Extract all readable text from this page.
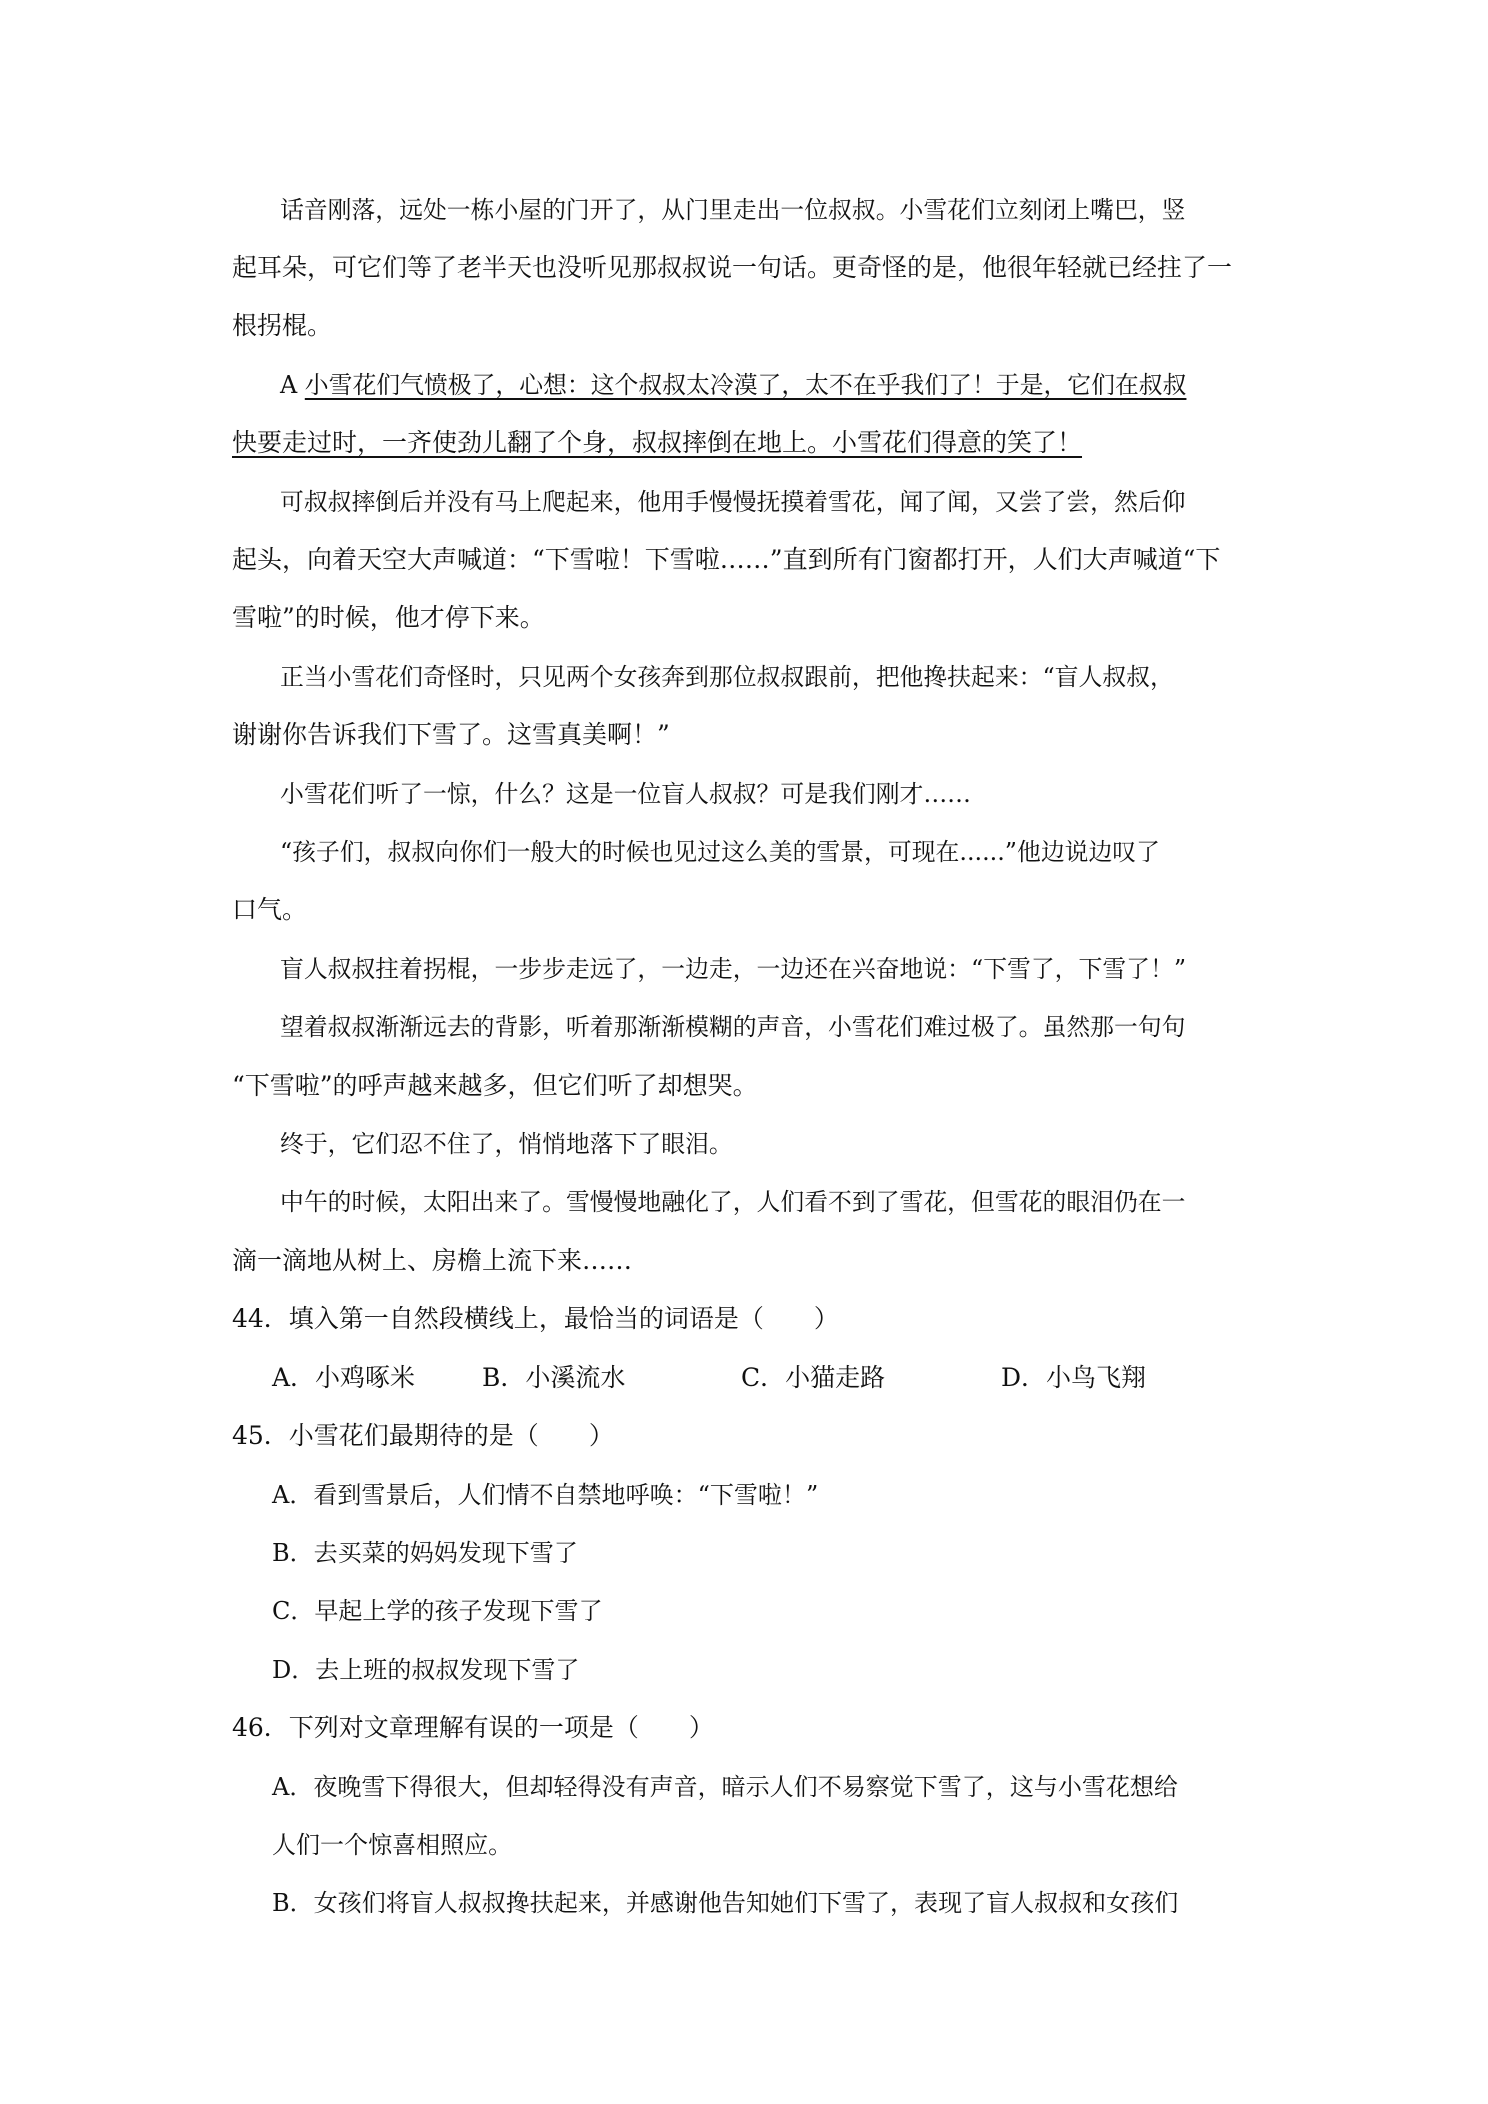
话音刚落，远处一栋小屋的门开了，从门里走出一位叔叔。小雪花们立刻闭上嘴巴，竖
起耳朵，可它们等了老半天也没听见那叔叔说一句话。更奇怪的是，他很年轻就已经拄了一
根拐棍。
A 小雪花们气愤极了，心想：这个叔叔太冷漠了，太不在乎我们了！于是，它们在叔叔
快要走过时，一齐使劲儿翻了个身，叔叔摔倒在地上。小雪花们得意的笑了！
可叔叔摔倒后并没有马上爬起来，他用手慢慢抚摸着雪花，闻了闻，又尝了尝，然后仰
起头，向着天空大声喊道：“下雪啦！下雪啦……”直到所有门窗都打开，人们大声喊道“下
雪啦”的时候，他才停下来。
正当小雪花们奇怪时，只见两个女孩奔到那位叔叔跟前，把他搀扶起来：“盲人叔叔，
谢谢你告诉我们下雪了。这雪真美啊！”
小雪花们听了一惊，什么？这是一位盲人叔叔？可是我们刚才……
“孩子们，叔叔向你们一般大的时候也见过这么美的雪景，可现在......”他边说边叹了
口气。
盲人叔叔拄着拐棍，一步步走远了，一边走，一边还在兴奋地说：“下雪了，下雪了！”
望着叔叔渐渐远去的背影，听着那渐渐模糊的声音，小雪花们难过极了。虽然那一句句
“下雪啦”的呼声越来越多，但它们听了却想哭。
终于，它们忍不住了，悄悄地落下了眼泪。
中午的时候，太阳出来了。雪慢慢地融化了，人们看不到了雪花，但雪花的眼泪仍在一
滴一滴地从树上、房檐上流下来……
44．填入第一自然段横线上，最恰当的词语是（　　）
A．小鸡啄米	B．小溪流水	C．小猫走路	D．小鸟飞翔
45．小雪花们最期待的是（　　）
A．看到雪景后，人们情不自禁地呼唤：“下雪啦！”
B．去买菜的妈妈发现下雪了
C．早起上学的孩子发现下雪了
D．去上班的叔叔发现下雪了
46．下列对文章理解有误的一项是（　　）
A．夜晚雪下得很大，但却轻得没有声音，暗示人们不易察觉下雪了，这与小雪花想给
人们一个惊喜相照应。
B．女孩们将盲人叔叔搀扶起来，并感谢他告知她们下雪了，表现了盲人叔叔和女孩们
